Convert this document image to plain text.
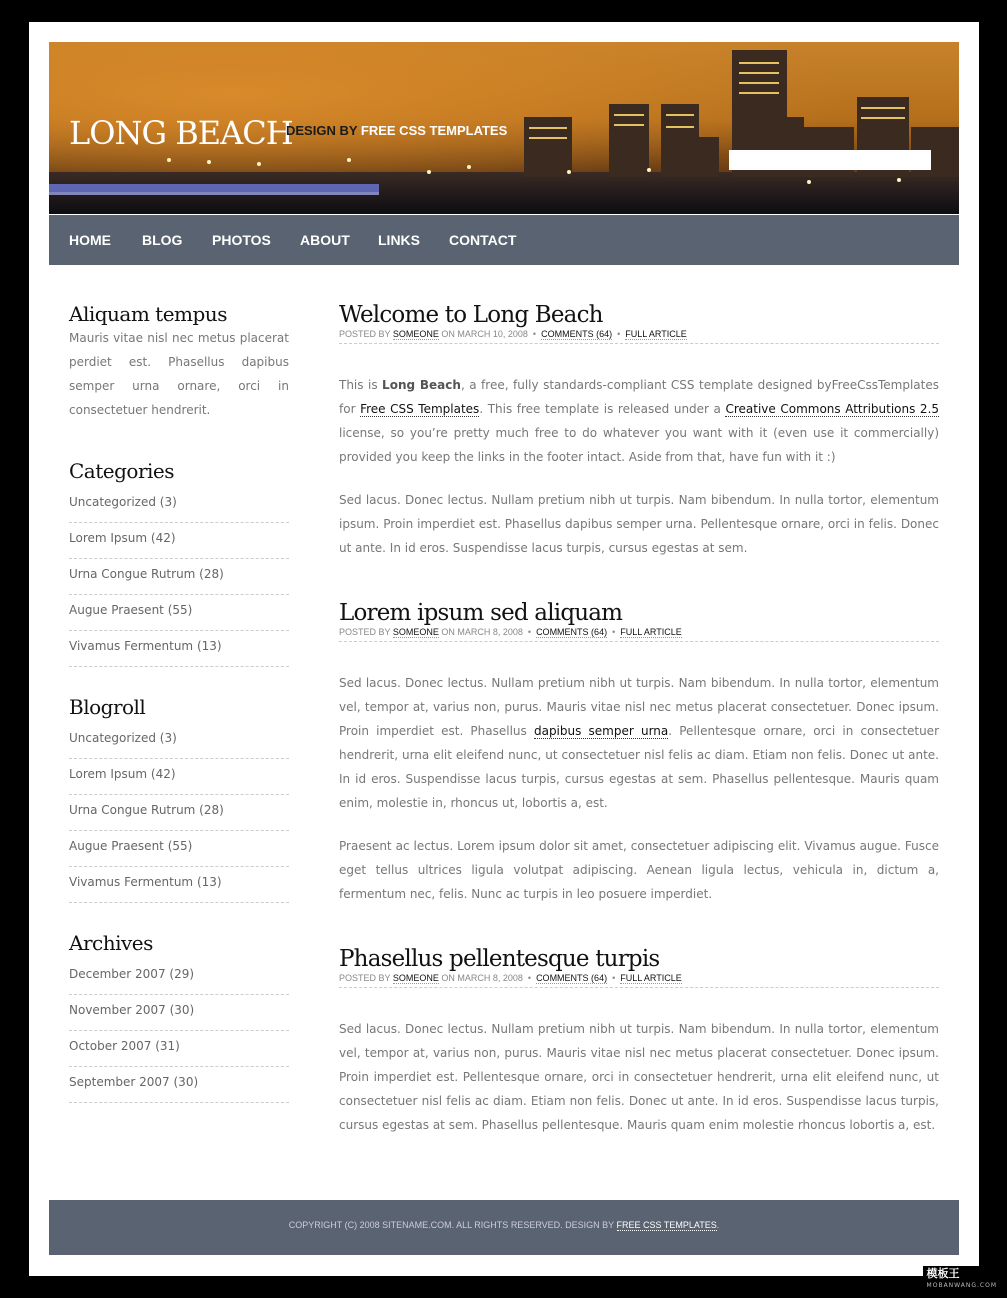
LONG BEACH
DESIGN BY FREE CSS TEMPLATES
HOME BLOG PHOTOS ABOUT LINKS CONTACT
Aliquam tempus

Mauris vitae nisl nec metus placerat perdiet est. Phasellus dapibus semper urna ornare, orci in consectetuer hendrerit.

Categories
Uncategorized (3)
Lorem Ipsum (42)
Urna Congue Rutrum (28)
Augue Praesent (55)
Vivamus Fermentum (13)
Blogroll
Uncategorized (3)
Lorem Ipsum (42)
Urna Congue Rutrum (28)
Augue Praesent (55)
Vivamus Fermentum (13)
Archives
December 2007 (29)
November 2007 (30)
October 2007 (31)
September 2007 (30)
Welcome to Long Beach
POSTED BY SOMEONE ON MARCH 10, 2008 • COMMENTS (64) • FULL ARTICLE

This is Long Beach, a free, fully standards-compliant CSS template designed byFreeCssTemplates for Free CSS Templates. This free template is released under a Creative Commons Attributions 2.5 license, so you’re pretty much free to do whatever you want with it (even use it commercially) provided you keep the links in the footer intact. Aside from that, have fun with it :)

Sed lacus. Donec lectus. Nullam pretium nibh ut turpis. Nam bibendum. In nulla tortor, elementum ipsum. Proin imperdiet est. Phasellus dapibus semper urna. Pellentesque ornare, orci in felis. Donec ut ante. In id eros. Suspendisse lacus turpis, cursus egestas at sem.

Lorem ipsum sed aliquam
POSTED BY SOMEONE ON MARCH 8, 2008 • COMMENTS (64) • FULL ARTICLE

Sed lacus. Donec lectus. Nullam pretium nibh ut turpis. Nam bibendum. In nulla tortor, elementum vel, tempor at, varius non, purus. Mauris vitae nisl nec metus placerat consectetuer. Donec ipsum. Proin imperdiet est. Phasellus dapibus semper urna. Pellentesque ornare, orci in consectetuer hendrerit, urna elit eleifend nunc, ut consectetuer nisl felis ac diam. Etiam non felis. Donec ut ante. In id eros. Suspendisse lacus turpis, cursus egestas at sem. Phasellus pellentesque. Mauris quam enim, molestie in, rhoncus ut, lobortis a, est.

Praesent ac lectus. Lorem ipsum dolor sit amet, consectetuer adipiscing elit. Vivamus augue. Fusce eget tellus ultrices ligula volutpat adipiscing. Aenean ligula lectus, vehicula in, dictum a, fermentum nec, felis. Nunc ac turpis in leo posuere imperdiet.

Phasellus pellentesque turpis
POSTED BY SOMEONE ON MARCH 8, 2008 • COMMENTS (64) • FULL ARTICLE

Sed lacus. Donec lectus. Nullam pretium nibh ut turpis. Nam bibendum. In nulla tortor, elementum vel, tempor at, varius non, purus. Mauris vitae nisl nec metus placerat consectetuer. Donec ipsum. Proin imperdiet est. Pellentesque ornare, orci in consectetuer hendrerit, urna elit eleifend nunc, ut consectetuer nisl felis ac diam. Etiam non felis. Donec ut ante. In id eros. Suspendisse lacus turpis, cursus egestas at sem. Phasellus pellentesque. Mauris quam enim molestie rhoncus lobortis a, est.

COPYRIGHT (C) 2008 SITENAME.COM. ALL RIGHTS RESERVED. DESIGN BY FREE CSS TEMPLATES.
模板王
MOBANWANG.COM
